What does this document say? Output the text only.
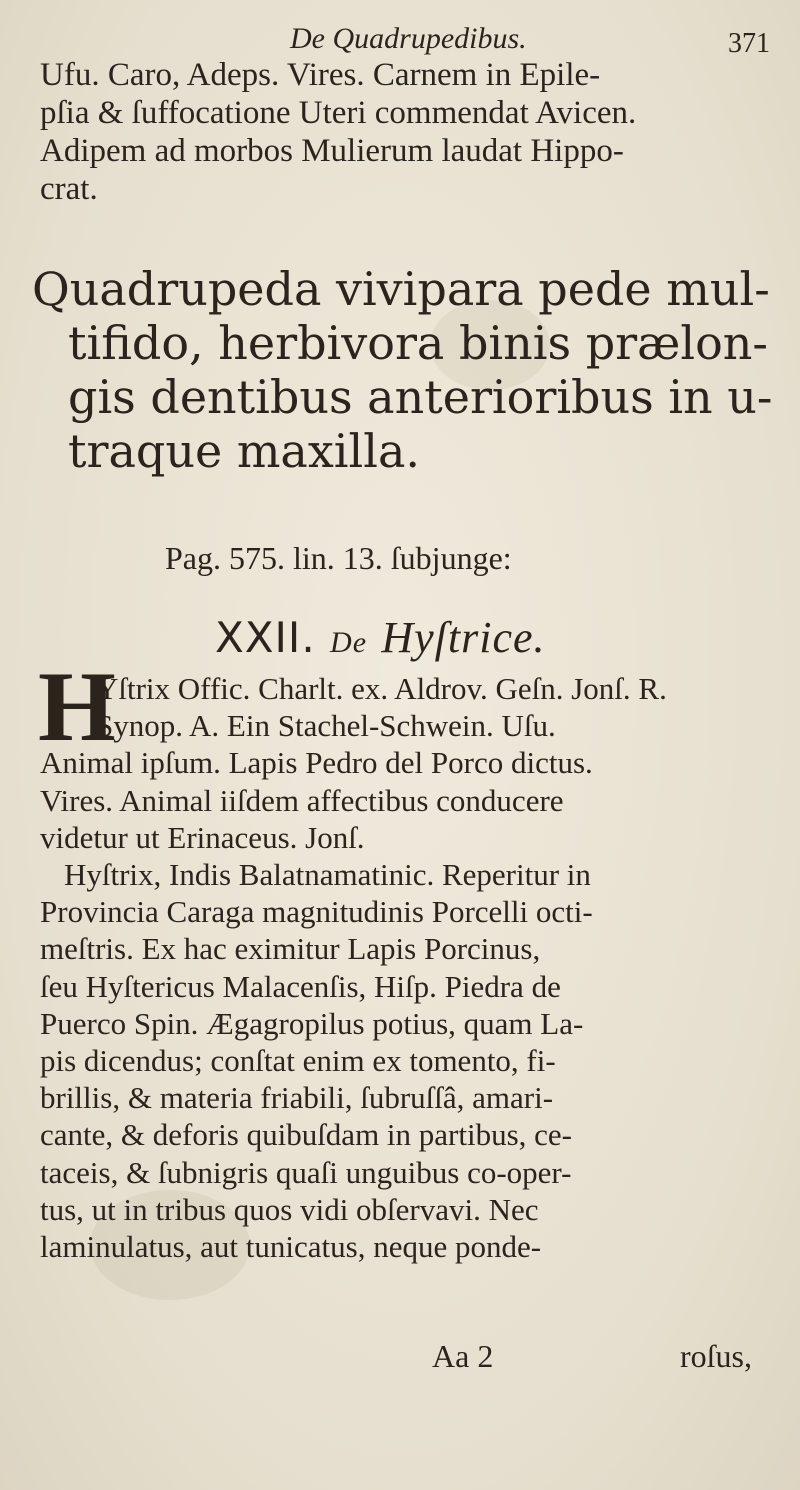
De Quadrupedibus.	371
Ufu. Caro, Adeps. Vires. Carnem in Epile-
pſia & ſuffocatione Uteri commendat Avicen.
Adipem ad morbos Mulierum laudat Hippo-
crat.
Quadrupeda vivipara pede mul-
tifido, herbivora binis prælon-
gis dentibus anterioribus in u-
traque maxilla.
Pag. 575. lin. 13. ſubjunge:
XXII. De Hyſtrice.
H
Yſtrix Offic. Charlt. ex. Aldrov. Geſn. Jonſ. R.
Synop. A. Ein Stachel-Schwein. Uſu.
Animal ipſum. Lapis Pedro del Porco dictus.
Vires. Animal iiſdem affectibus conducere
videtur ut Erinaceus. Jonſ.
Hyſtrix, Indis Balatnamatinic. Reperitur in
Provincia Caraga magnitudinis Porcelli octi-
meſtris. Ex hac eximitur Lapis Porcinus,
ſeu Hyſtericus Malacenſis, Hiſp. Piedra de
Puerco Spin. Ægagropilus potius, quam La-
pis dicendus; conſtat enim ex tomento, fi-
brillis, & materia friabili, ſubruſſâ, amari-
cante, & deforis quibuſdam in partibus, ce-
taceis, & ſubnigris quaſi unguibus co-oper-
tus, ut in tribus quos vidi obſervavi. Nec
laminulatus, aut tunicatus, neque ponde-
Aa 2	roſus,
